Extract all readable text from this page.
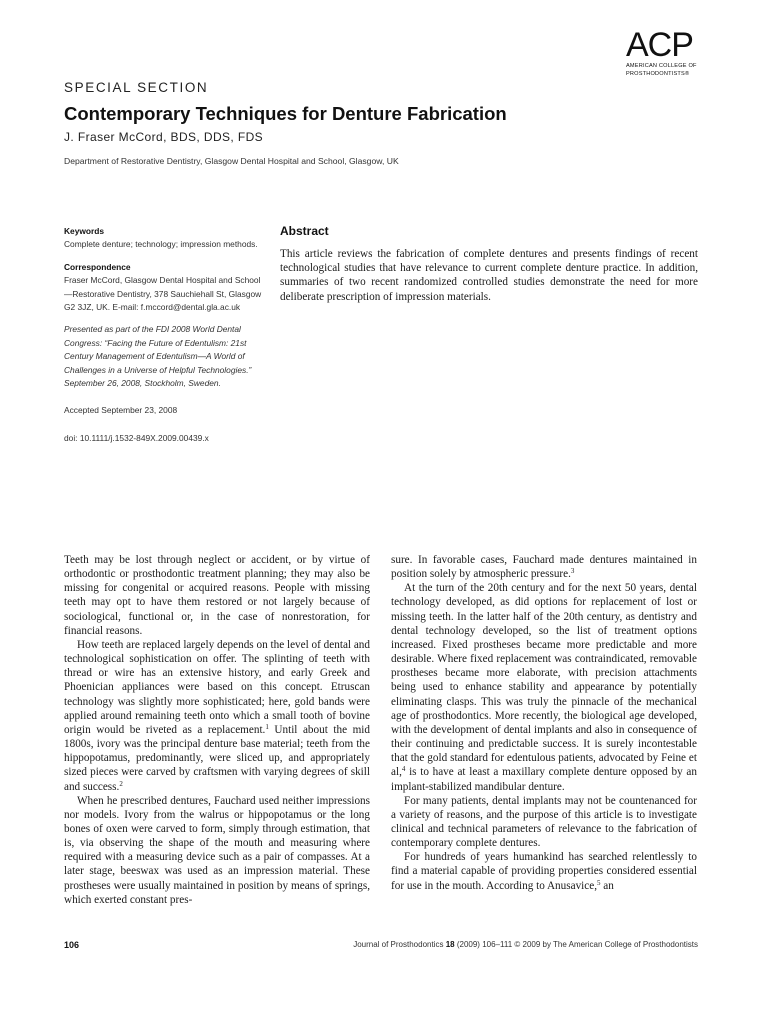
ACP
AMERICAN COLLEGE OF
PROSTHODONTISTS®
SPECIAL SECTION
Contemporary Techniques for Denture Fabrication
J. Fraser McCord, BDS, DDS, FDS
Department of Restorative Dentistry, Glasgow Dental Hospital and School, Glasgow, UK

Keywords

Complete denture; technology; impression methods.

Correspondence

Fraser McCord, Glasgow Dental Hospital and School—Restorative Dentistry, 378 Sauchiehall St, Glasgow G2 3JZ, UK. E-mail: f.mccord@dental.gla.ac.uk

Presented as part of the FDI 2008 World Dental Congress: “Facing the Future of Edentulism: 21st Century Management of Edentulism—A World of Challenges in a Universe of Helpful Technologies.” September 26, 2008, Stockholm, Sweden.

Accepted September 23, 2008

doi: 10.1111/j.1532-849X.2009.00439.x

Abstract
This article reviews the fabrication of complete dentures and presents findings of recent technological studies that have relevance to current complete denture practice. In addition, summaries of two recent randomized controlled studies demonstrate the need for more deliberate prescription of impression materials.

Teeth may be lost through neglect or accident, or by virtue of orthodontic or prosthodontic treatment planning; they may also be missing for congenital or acquired reasons. People with missing teeth may opt to have them restored or not largely because of sociological, functional or, in the case of nonrestoration, for financial reasons.

How teeth are replaced largely depends on the level of dental and technological sophistication on offer. The splinting of teeth with thread or wire has an extensive history, and early Greek and Phoenician appliances were based on this concept. Etruscan technology was slightly more sophisticated; here, gold bands were applied around remaining teeth onto which a small tooth of bovine origin would be riveted as a replacement.$^1$ Until about the mid 1800s, ivory was the principal denture base material; teeth from the hippopotamus, predominantly, were sliced up, and appropriately sized pieces were carved by craftsmen with varying degrees of skill and success.$^2$

When he prescribed dentures, Fauchard used neither impressions nor models. Ivory from the walrus or hippopotamus or the long bones of oxen were carved to form, simply through estimation, that is, via observing the shape of the mouth and measuring where required with a measuring device such as a pair of compasses. At a later stage, beeswax was used as an impression material. These prostheses were usually maintained in position by means of springs, which exerted constant pres-

sure. In favorable cases, Fauchard made dentures maintained in position solely by atmospheric pressure.$^3$

At the turn of the 20th century and for the next 50 years, dental technology developed, as did options for replacement of lost or missing teeth. In the latter half of the 20th century, as dentistry and dental technology developed, so the list of treatment options increased. Fixed prostheses became more predictable and more desirable. Where fixed replacement was contraindicated, removable prostheses became more elaborate, with precision attachments being used to enhance stability and appearance by potentially eliminating clasps. This was truly the pinnacle of the mechanical age of prosthodontics. More recently, the biological age developed, with the development of dental implants and also in consequence of their continuing and predictable success. It is surely incontestable that the gold standard for edentulous patients, advocated by Feine et al,$^4$ is to have at least a maxillary complete denture opposed by an implant-stabilized mandibular denture.

For many patients, dental implants may not be countenanced for a variety of reasons, and the purpose of this article is to investigate clinical and technical parameters of relevance to the fabrication of contemporary complete dentures.

For hundreds of years humankind has searched relentlessly to find a material capable of providing properties considered essential for use in the mouth. According to Anusavice,$^5$ an

106	Journal of Prosthodontics 18 (2009) 106–111 © 2009 by The American College of Prosthodontists
